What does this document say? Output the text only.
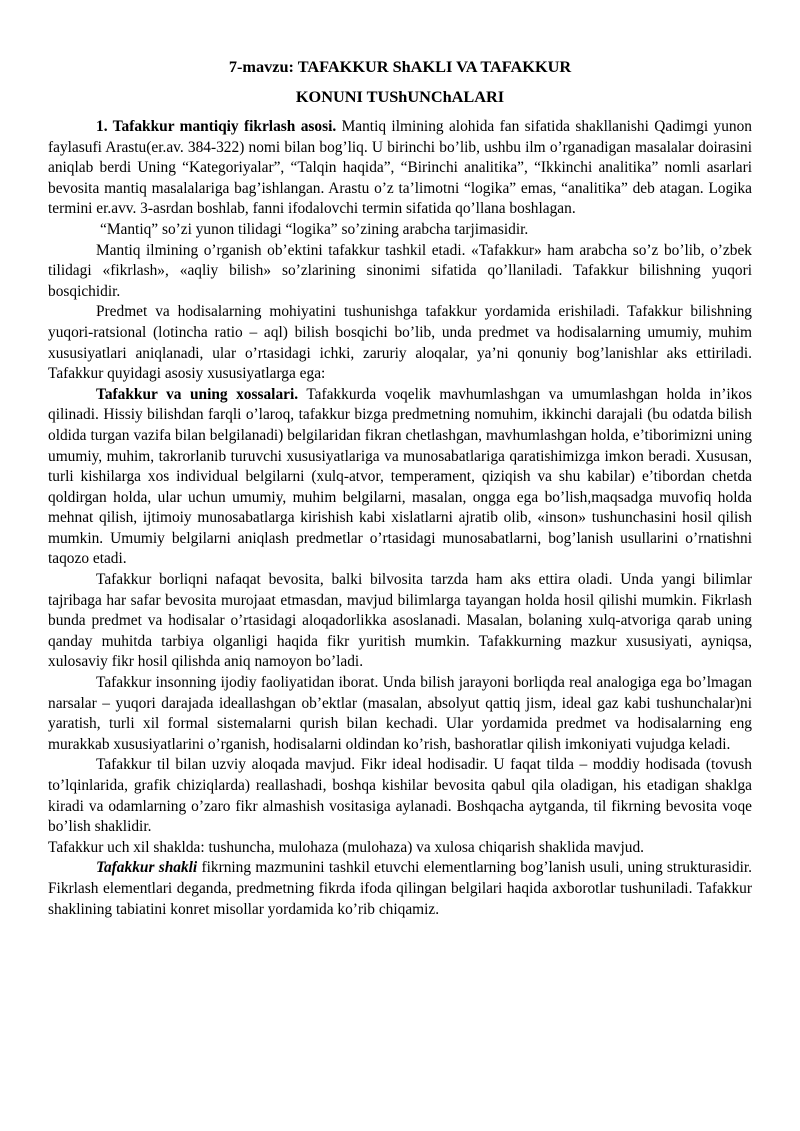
7-mavzu: TAFAKKUR ShAKLI VA TAFAKKUR

KONUNI TUShUNChALARI

1. Tafakkur mantiqiy fikrlash asosi. Mantiq ilmining alohida fan sifatida shakllanishi Qadimgi yunon faylasufi Arastu(er.av. 384-322) nomi bilan bog’liq. U birinchi bo’lib, ushbu ilm o’rganadigan masalalar doirasini aniqlab berdi Uning “Kategoriyalar”, “Talqin haqida”, “Birinchi analitika”, “Ikkinchi analitika” nomli asarlari bevosita mantiq masalalariga bag’ishlangan. Arastu o’z ta’limotni “logika” emas, “analitika” deb atagan. Logika termini er.avv. 3-asrdan boshlab, fanni ifodalovchi termin sifatida qo’llana boshlagan.

“Mantiq” so’zi yunon tilidagi “logika” so’zining arabcha tarjimasidir.

Mantiq ilmining o’rganish ob’ektini tafakkur tashkil etadi. «Tafakkur» ham arabcha so’z bo’lib, o’zbek tilidagi «fikrlash», «aqliy bilish» so’zlarining sinonimi sifatida qo’llaniladi. Tafakkur bilishning yuqori bosqichidir.

Predmet va hodisalarning mohiyatini tushunishga tafakkur yordamida erishiladi. Tafakkur bilishning yuqori-ratsional (lotincha ratio – aql) bilish bosqichi bo’lib, unda predmet va hodisalarning umumiy, muhim xususiyatlari aniqlanadi, ular o’rtasidagi ichki, zaruriy aloqalar, ya’ni qonuniy bog’lanishlar aks ettiriladi. Tafakkur quyidagi asosiy xususiyatlarga ega:

Tafakkur va uning xossalari. Tafakkurda voqelik mavhumlashgan va umumlashgan holda in’ikos qilinadi. Hissiy bilishdan farqli o’laroq, tafakkur bizga predmetning nomuhim, ikkinchi darajali (bu odatda bilish oldida turgan vazifa bilan belgilanadi) belgilaridan fikran chetlashgan, mavhumlashgan holda, e’tiborimizni uning umumiy, muhim, takrorlanib turuvchi xususiyatlariga va munosabatlariga qaratishimizga imkon beradi. Xususan, turli kishilarga xos individual belgilarni (xulq-atvor, temperament, qiziqish va shu kabilar) e’tibordan chetda qoldirgan holda, ular uchun umumiy, muhim belgilarni, masalan, ongga ega bo’lish,maqsadga muvofiq holda mehnat qilish, ijtimoiy munosabatlarga kirishish kabi xislatlarni ajratib olib, «inson» tushunchasini hosil qilish mumkin. Umumiy belgilarni aniqlash predmetlar o’rtasidagi munosabatlarni, bog’lanish usullarini o’rnatishni taqozo etadi.

Tafakkur borliqni nafaqat bevosita, balki bilvosita tarzda ham aks ettira oladi. Unda yangi bilimlar tajribaga har safar bevosita murojaat etmasdan, mavjud bilimlarga tayangan holda hosil qilishi mumkin. Fikrlash bunda predmet va hodisalar o’rtasidagi aloqadorlikka asoslanadi. Masalan, bolaning xulq-atvoriga qarab uning qanday muhitda tarbiya olganligi haqida fikr yuritish mumkin. Tafakkurning mazkur xususiyati, ayniqsa, xulosaviy fikr hosil qilishda aniq namoyon bo’ladi.

Tafakkur insonning ijodiy faoliyatidan iborat. Unda bilish jarayoni borliqda real analogiga ega bo’lmagan narsalar – yuqori darajada ideallashgan ob’ektlar (masalan, absolyut qattiq jism, ideal gaz kabi tushunchalar)ni yaratish, turli xil formal sistemalarni qurish bilan kechadi. Ular yordamida predmet va hodisalarning eng murakkab xususiyatlarini o’rganish, hodisalarni oldindan ko’rish, bashoratlar qilish imkoniyati vujudga keladi.

Tafakkur til bilan uzviy aloqada mavjud. Fikr ideal hodisadir. U faqat tilda – moddiy hodisada (tovush to’lqinlarida, grafik chiziqlarda) reallashadi, boshqa kishilar bevosita qabul qila oladigan, his etadigan shaklga kiradi va odamlarning o’zaro fikr almashish vositasiga aylanadi. Boshqacha aytganda, til fikrning bevosita voqe bo’lish shaklidir.

Tafakkur uch xil shaklda: tushuncha, mulohaza (mulohaza) va xulosa chiqarish shaklida mavjud.

Tafakkur shakli fikrning mazmunini tashkil etuvchi elementlarning bog’lanish usuli, uning strukturasidir. Fikrlash elementlari deganda, predmetning fikrda ifoda qilingan belgilari haqida axborotlar tushuniladi. Tafakkur shaklining tabiatini konret misollar yordamida ko’rib chiqamiz.
